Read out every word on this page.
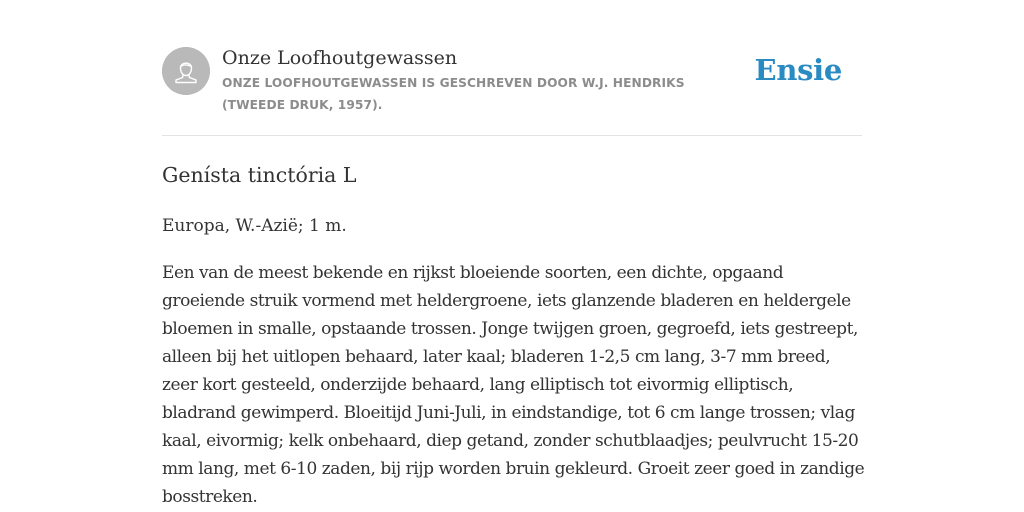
Onze Loofhoutgewassen
ONZE LOOFHOUTGEWASSEN IS GESCHREVEN DOOR W.J. HENDRIKS (TWEEDE DRUK, 1957).
Ensie
Genísta tinctória L

Europa, W.-Azië; 1 m.

Een van de meest bekende en rijkst bloeiende soorten, een dichte, opgaand groeiende struik vormend met heldergroene, iets glanzende bladeren en heldergele bloemen in smalle, opstaande trossen. Jonge twijgen groen, gegroefd, iets gestreept, alleen bij het uitlopen behaard, later kaal; bladeren 1-2,5 cm lang, 3-7 mm breed, zeer kort gesteeld, onderzijde behaard, lang elliptisch tot eivormig elliptisch, bladrand gewimperd. Bloeitijd Juni-Juli, in eindstandige, tot 6 cm lange trossen; vlag kaal, eivormig; kelk onbehaard, diep getand, zonder schutblaadjes; peulvrucht 15-20 mm lang, met 6-10 zaden, bij rijp worden bruin gekleurd. Groeit zeer goed in zandige bosstreken.
